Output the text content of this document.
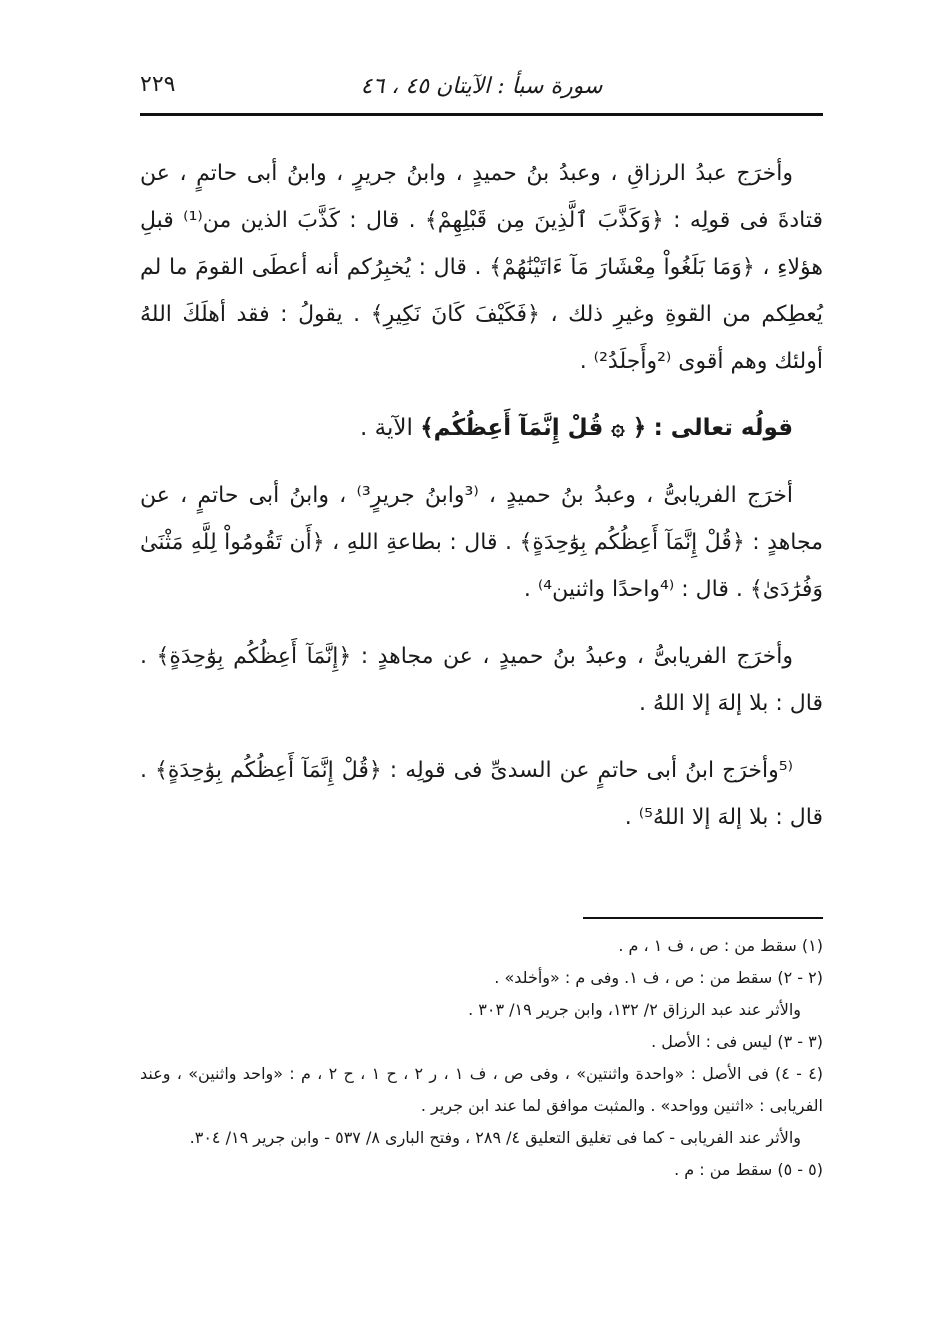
سورة سبأ : الآيتان ٤٥ ، ٤٦
٢٢٩

وأخرَج عبدُ الرزاقِ ، وعبدُ بنُ حميدٍ ، وابنُ جريرٍ ، وابنُ أبى حاتمٍ ، عن قتادةَ فى قولِه : ﴿وَكَذَّبَ ٱلَّذِينَ مِن قَبْلِهِمْ﴾ . قال : كَذَّبَ الذين من⁽¹⁾ قبلِ هؤلاءِ ، ﴿وَمَا بَلَغُواْ مِعْشَارَ مَآ ءَاتَيْنَٰهُمْ﴾ . قال : يُخبِرُكم أنه أعطَى القومَ ما لم يُعطِكم من القوةِ وغيرِ ذلك ، ﴿فَكَيْفَ كَانَ نَكِيرِ﴾ . يقولُ : فقد أهلَكَ اللهُ أولئك وهم أقوى ⁽²وأَجلَدُ²⁾ .

قولُه تعالى : ﴿ ۞ قُلْ إِنَّمَآ أَعِظُكُم﴾ الآية .

أخرَج الفريابىُّ ، وعبدُ بنُ حميدٍ ، ⁽³وابنُ جريرٍ³⁾ ، وابنُ أبى حاتمٍ ، عن مجاهدٍ : ﴿قُلْ إِنَّمَآ أَعِظُكُم بِوَٰحِدَةٍ﴾ . قال : بطاعةِ اللهِ ، ﴿أَن تَقُومُواْ لِلَّهِ مَثْنَىٰ وَفُرَٰدَىٰ﴾ . قال : ⁽⁴واحدًا واثنين⁴⁾ .

وأخرَج الفريابىُّ ، وعبدُ بنُ حميدٍ ، عن مجاهدٍ : ﴿إِنَّمَآ أَعِظُكُم بِوَٰحِدَةٍ﴾ . قال : بلا إلهَ إلا اللهُ .

⁽⁵وأخرَج ابنُ أبى حاتمٍ عن السدىِّ فى قولِه : ﴿قُلْ إِنَّمَآ أَعِظُكُم بِوَٰحِدَةٍ﴾ . قال : بلا إلهَ إلا اللهُ⁵⁾ .

(١) سقط من : ص ، ف ١ ، م .

(٢ - ٢) سقط من : ص ، ف ١. وفى م : «وأخلد» .

والأثر عند عبد الرزاق ٢/ ١٣٢، وابن جرير ١٩/ ٣٠٣ .

(٣ - ٣) ليس فى : الأصل .

(٤ - ٤) فى الأصل : «واحدة واثنتين» ، وفى ص ، ف ١ ، ر ٢ ، ح ١ ، ح ٢ ، م : «واحد واثنين» ، وعند الفريابى : «اثنين وواحد» . والمثبت موافق لما عند ابن جرير .

والأثر عند الفريابى - كما فى تغليق التعليق ٤/ ٢٨٩ ، وفتح البارى ٨/ ٥٣٧ - وابن جرير ١٩/ ٣٠٤.

(٥ - ٥) سقط من : م .
